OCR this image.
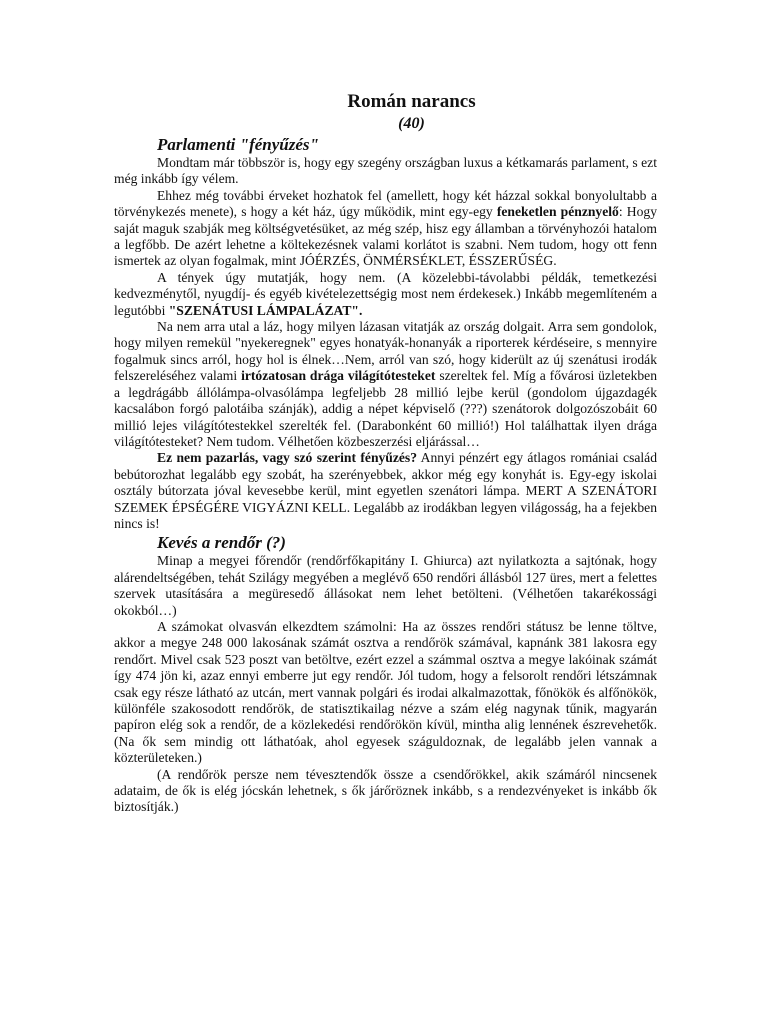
Román narancs
(40)
Parlamenti "fényűzés"

Mondtam már többször is, hogy egy szegény országban luxus a kétkamarás parlament, s ezt még inkább így vélem.

Ehhez még további érveket hozhatok fel (amellett, hogy két házzal sokkal bonyolultabb a törvénykezés menete), s hogy a két ház, úgy működik, mint egy-egy feneketlen pénznyelő: Hogy saját maguk szabják meg költségvetésüket, az még szép, hisz egy államban a törvényhozói hatalom a legfőbb. De azért lehetne a költekezésnek valami korlátot is szabni. Nem tudom, hogy ott fenn ismertek az olyan fogalmak, mint JÓÉRZÉS, ÖNMÉRSÉKLET, ÉSSZERŰSÉG.

A tények úgy mutatják, hogy nem. (A közelebbi-távolabbi példák, temetkezési kedvezménytől, nyugdíj- és egyéb kivételezettségig most nem érdekesek.) Inkább megemlíteném a legutóbbi "SZENÁTUSI LÁMPALÁZAT".

Na nem arra utal a láz, hogy milyen lázasan vitatják az ország dolgait. Arra sem gondolok, hogy milyen remekül "nyekeregnek" egyes honatyák-honanyák a riporterek kérdéseire, s mennyire fogalmuk sincs arról, hogy hol is élnek…Nem, arról van szó, hogy kiderült az új szenátusi irodák felszereléséhez valami irtózatosan drága világítótesteket szereltek fel. Míg a fővárosi üzletekben a legdrágább állólámpa-olvasólámpa legfeljebb 28 millió lejbe kerül (gondolom újgazdagék kacsalábon forgó palotáiba szánják), addig a népet képviselő (???) szenátorok dolgozószobáit 60 millió lejes világítótestekkel szerelték fel. (Darabonként 60 millió!) Hol találhattak ilyen drága világítótesteket? Nem tudom. Vélhetően közbeszerzési eljárással…

Ez nem pazarlás, vagy szó szerint fényűzés? Annyi pénzért egy átlagos romániai család bebútorozhat legalább egy szobát, ha szerényebbek, akkor még egy konyhát is. Egy-egy iskolai osztály bútorzata jóval kevesebbe kerül, mint egyetlen szenátori lámpa. MERT A SZENÁTORI SZEMEK ÉPSÉGÉRE VIGYÁZNI KELL. Legalább az irodákban legyen világosság, ha a fejekben nincs is!

Kevés a rendőr (?)

Minap a megyei főrendőr (rendőrfőkapitány I. Ghiurca) azt nyilatkozta a sajtónak, hogy alárendeltségében, tehát Szilágy megyében a meglévő 650 rendőri állásból 127 üres, mert a felettes szervek utasítására a megüresedő állásokat nem lehet betölteni. (Vélhetően takarékossági okokból…)

A számokat olvasván elkezdtem számolni: Ha az összes rendőri státusz be lenne töltve, akkor a megye 248 000 lakosának számát osztva a rendőrök számával, kapnánk 381 lakosra egy rendőrt. Mivel csak 523 poszt van betöltve, ezért ezzel a számmal osztva a megye lakóinak számát így 474 jön ki, azaz ennyi emberre jut egy rendőr. Jól tudom, hogy a felsorolt rendőri létszámnak csak egy része látható az utcán, mert vannak polgári és irodai alkalmazottak, főnökök és alfőnökök, különféle szakosodott rendőrök, de statisztikailag nézve a szám elég nagynak tűnik, magyarán papíron elég sok a rendőr, de a közlekedési rendőrökön kívül, mintha alig lennének észrevehetők. (Na ők sem mindig ott láthatóak, ahol egyesek száguldoznak, de legalább jelen vannak a közterületeken.)

(A rendőrök persze nem tévesztendők össze a csendőrökkel, akik számáról nincsenek adataim, de ők is elég jócskán lehetnek, s ők járőröznek inkább, s a rendezvényeket is inkább ők biztosítják.)
